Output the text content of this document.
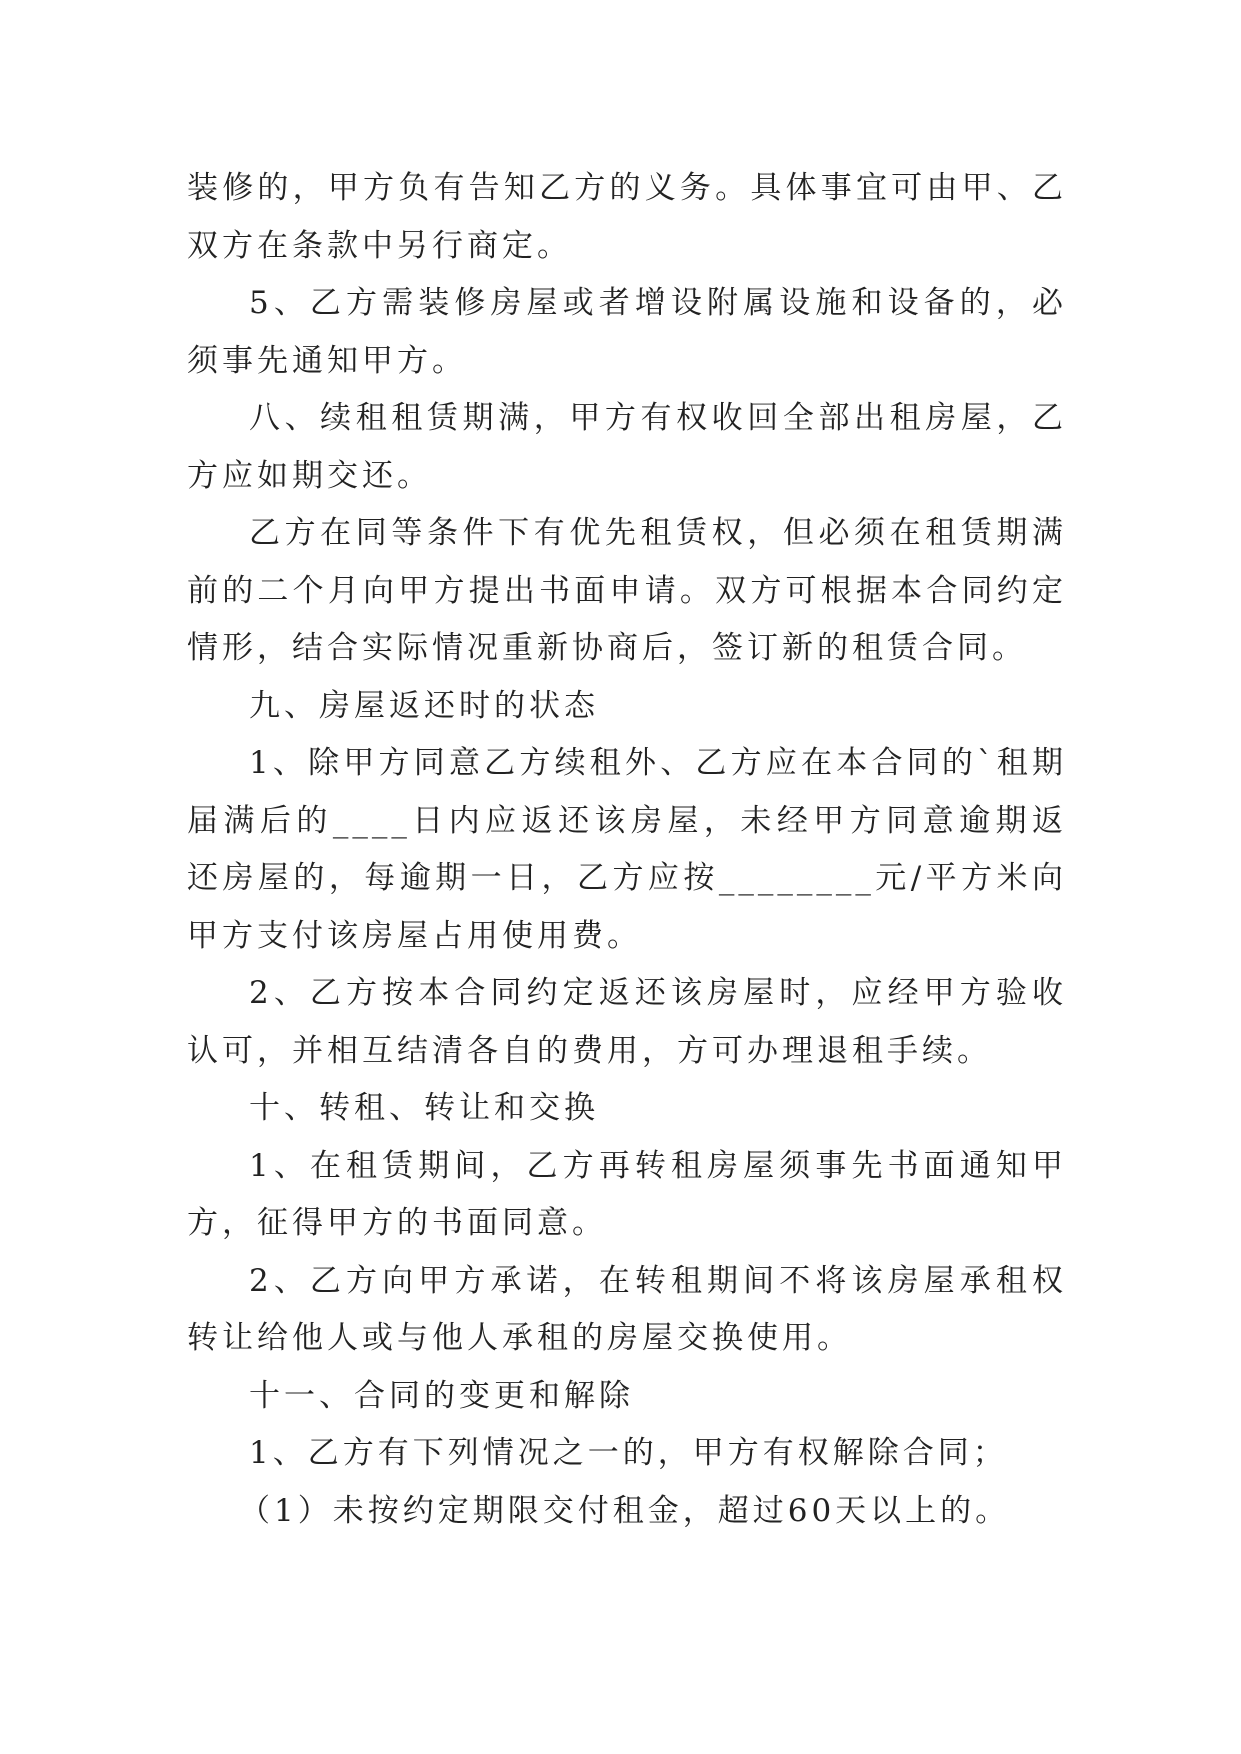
装修的，甲方负有告知乙方的义务。具体事宜可由甲、乙双方在条款中另行商定。

5、乙方需装修房屋或者增设附属设施和设备的，必须事先通知甲方。

八、续租租赁期满，甲方有权收回全部出租房屋，乙方应如期交还。

乙方在同等条件下有优先租赁权，但必须在租赁期满前的二个月向甲方提出书面申请。双方可根据本合同约定情形，结合实际情况重新协商后，签订新的租赁合同。

九、房屋返还时的状态

1、除甲方同意乙方续租外、乙方应在本合同的`租期届满后的____日内应返还该房屋，未经甲方同意逾期返还房屋的，每逾期一日，乙方应按________元/平方米向甲方支付该房屋占用使用费。

2、乙方按本合同约定返还该房屋时，应经甲方验收认可，并相互结清各自的费用，方可办理退租手续。

十、转租、转让和交换

1、在租赁期间，乙方再转租房屋须事先书面通知甲方，征得甲方的书面同意。

2、乙方向甲方承诺，在转租期间不将该房屋承租权转让给他人或与他人承租的房屋交换使用。

十一、合同的变更和解除

1、乙方有下列情况之一的，甲方有权解除合同；

（1）未按约定期限交付租金，超过60天以上的。
